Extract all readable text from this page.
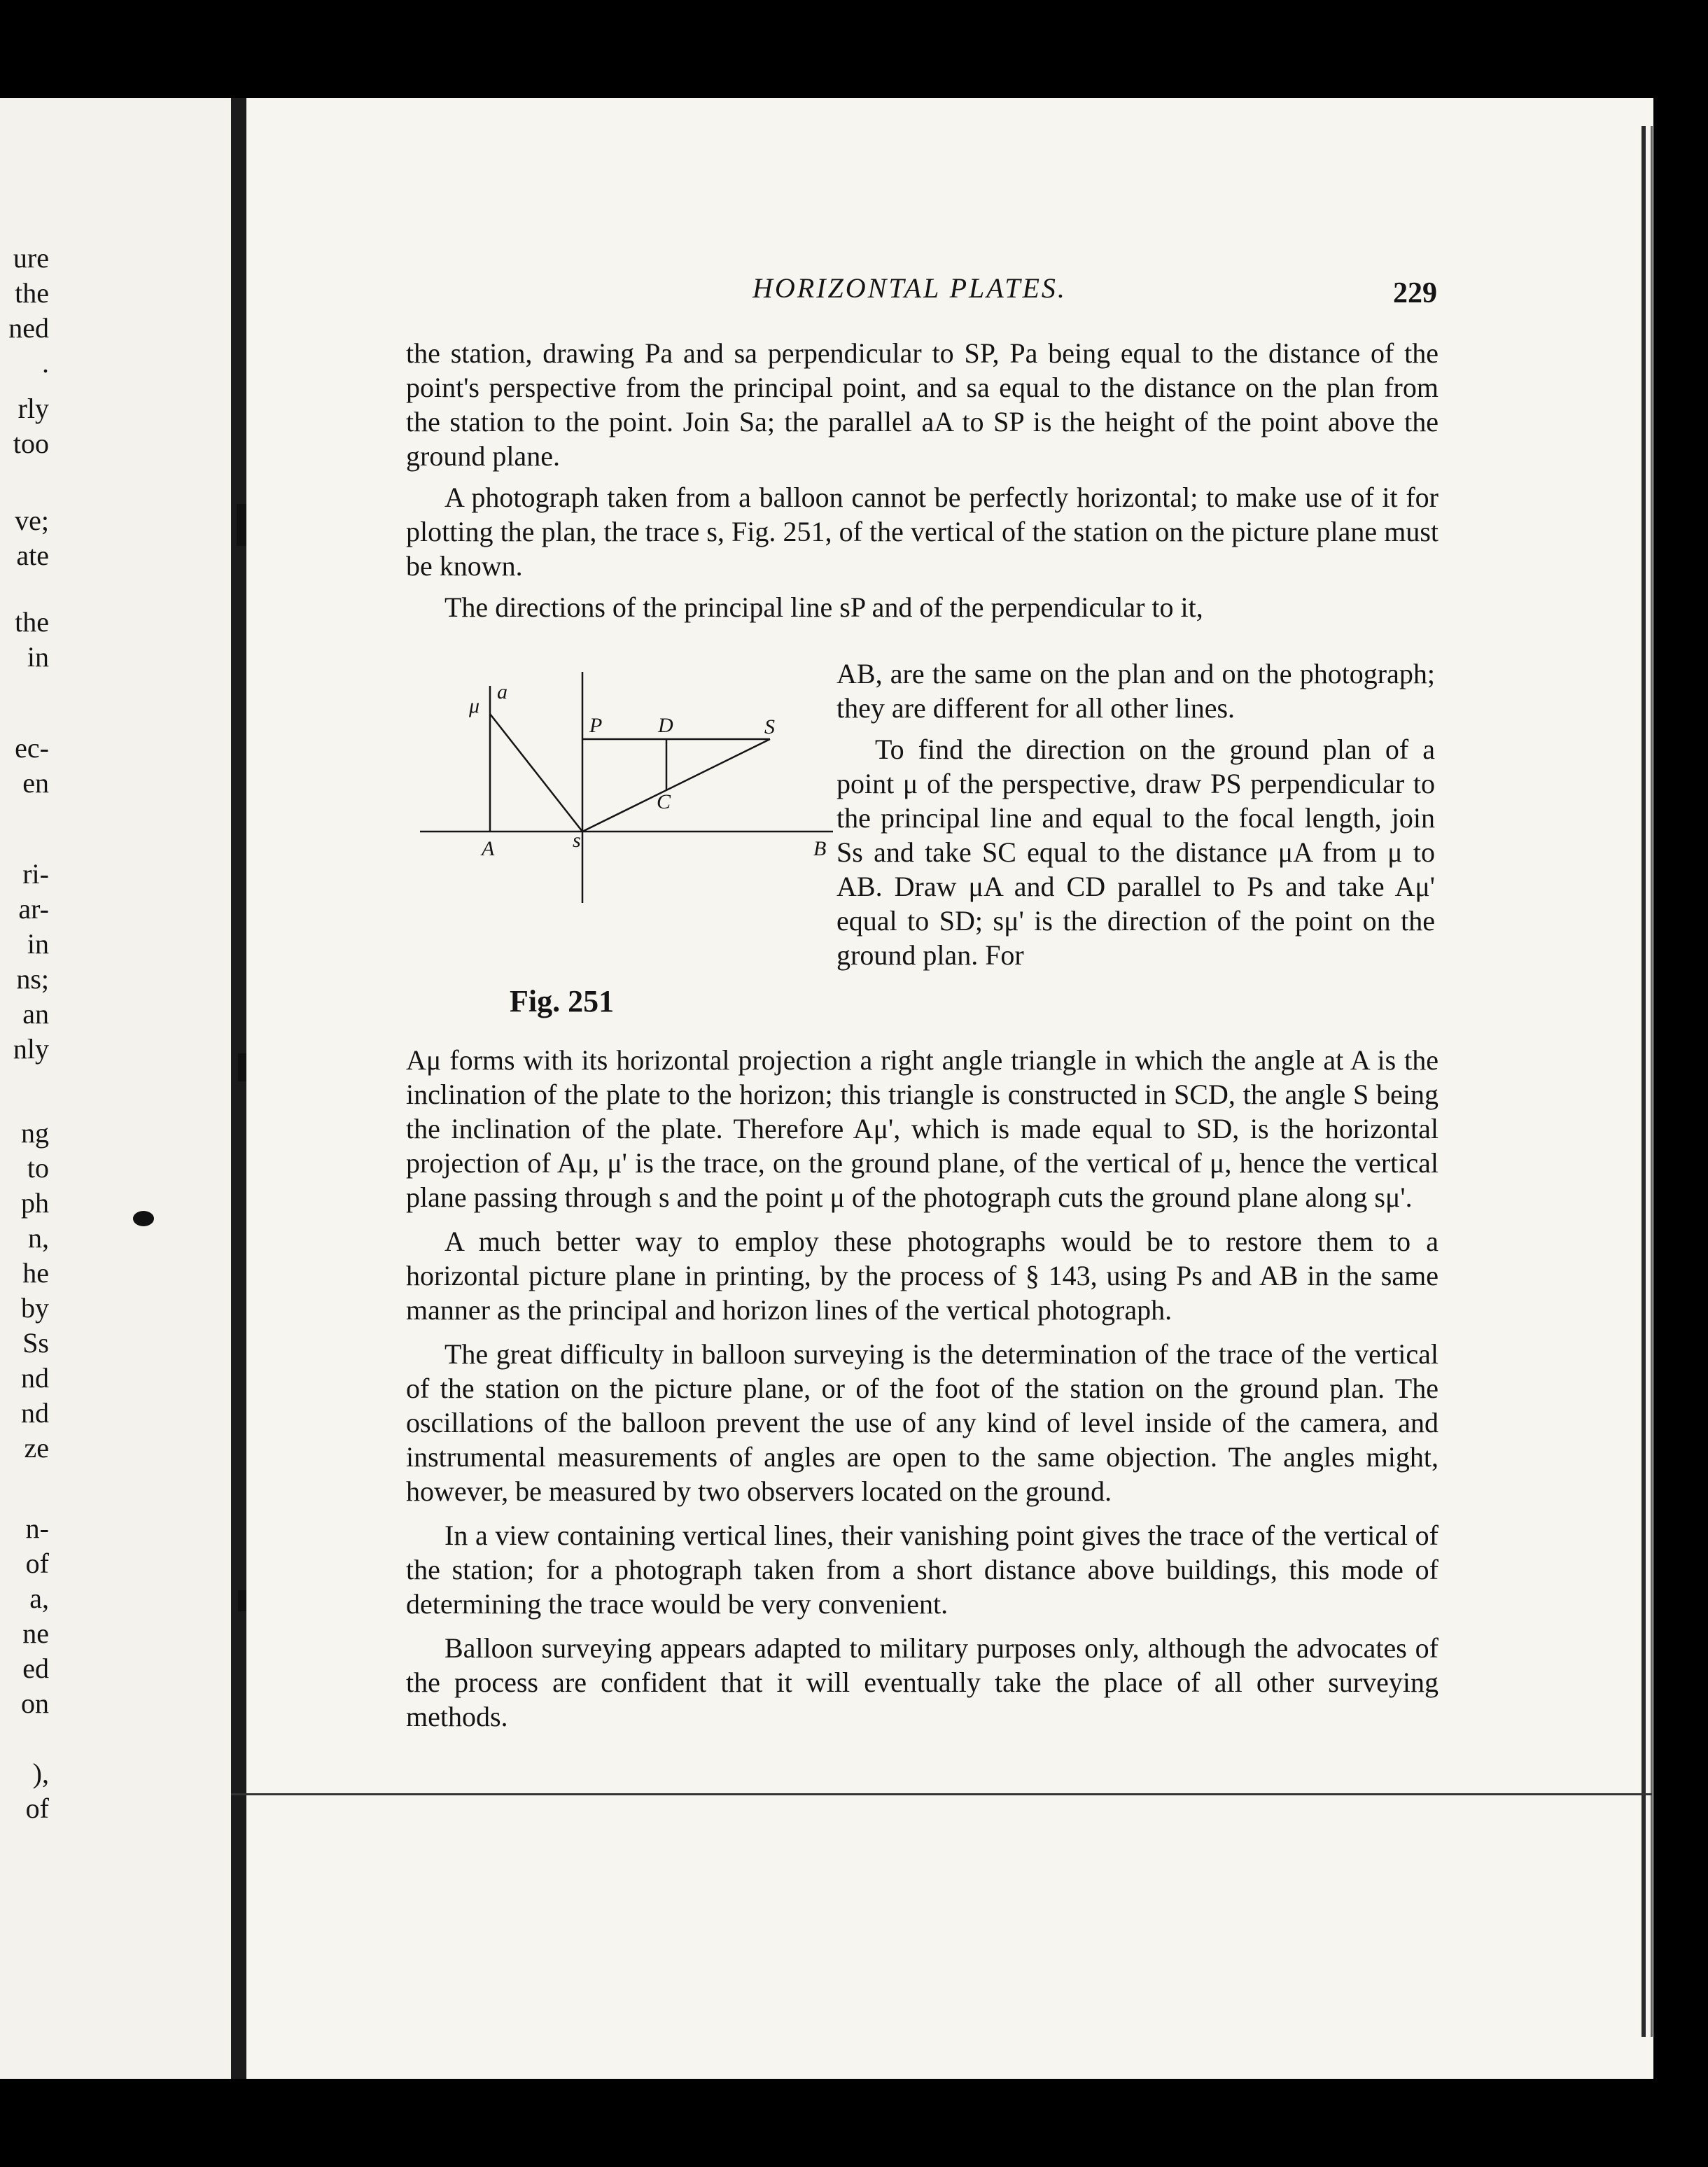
ure
the
ned
.
rly
too
ve;
ate
the
in
ec-
en
ri-
ar-
in
ns;
an
nly
ng
to
ph
n,
he
by
Ss
nd
nd
ze
n-
of
a,
ne
ed
on
),
of
HORIZONTAL PLATES.	229

the station, drawing Pa and sa perpendicular to SP, Pa being equal to the distance of the point's perspective from the principal point, and sa equal to the distance on the plan from the station to the point. Join Sa; the parallel aA to SP is the height of the point above the ground plane.

A photograph taken from a balloon cannot be perfectly horizontal; to make use of it for plotting the plan, the trace s, Fig. 251, of the vertical of the station on the picture plane must be known.

The directions of the principal line sP and of the perpendicular to it,

μ
a
P	D	S
C
A	s	B
Fig. 251

AB, are the same on the plan and on the photograph; they are different for all other lines.

To find the direction on the ground plan of a point μ of the perspective, draw PS perpendicular to the principal line and equal to the focal length, join Ss and take SC equal to the distance μA from μ to AB. Draw μA and CD parallel to Ps and take Aμ' equal to SD; sμ' is the direction of the point on the ground plan. For

Aμ forms with its horizontal projection a right angle triangle in which the angle at A is the inclination of the plate to the horizon; this triangle is constructed in SCD, the angle S being the inclination of the plate. Therefore Aμ', which is made equal to SD, is the horizontal projection of Aμ, μ' is the trace, on the ground plane, of the vertical of μ, hence the vertical plane passing through s and the point μ of the photograph cuts the ground plane along sμ'.

A much better way to employ these photographs would be to restore them to a horizontal picture plane in printing, by the process of § 143, using Ps and AB in the same manner as the principal and horizon lines of the vertical photograph.

The great difficulty in balloon surveying is the determination of the trace of the vertical of the station on the picture plane, or of the foot of the station on the ground plan. The oscillations of the balloon prevent the use of any kind of level inside of the camera, and instrumental measurements of angles are open to the same objection. The angles might, however, be measured by two observers located on the ground.

In a view containing vertical lines, their vanishing point gives the trace of the vertical of the station; for a photograph taken from a short distance above buildings, this mode of determining the trace would be very convenient.

Balloon surveying appears adapted to military purposes only, although the advocates of the process are confident that it will eventually take the place of all other surveying methods.
